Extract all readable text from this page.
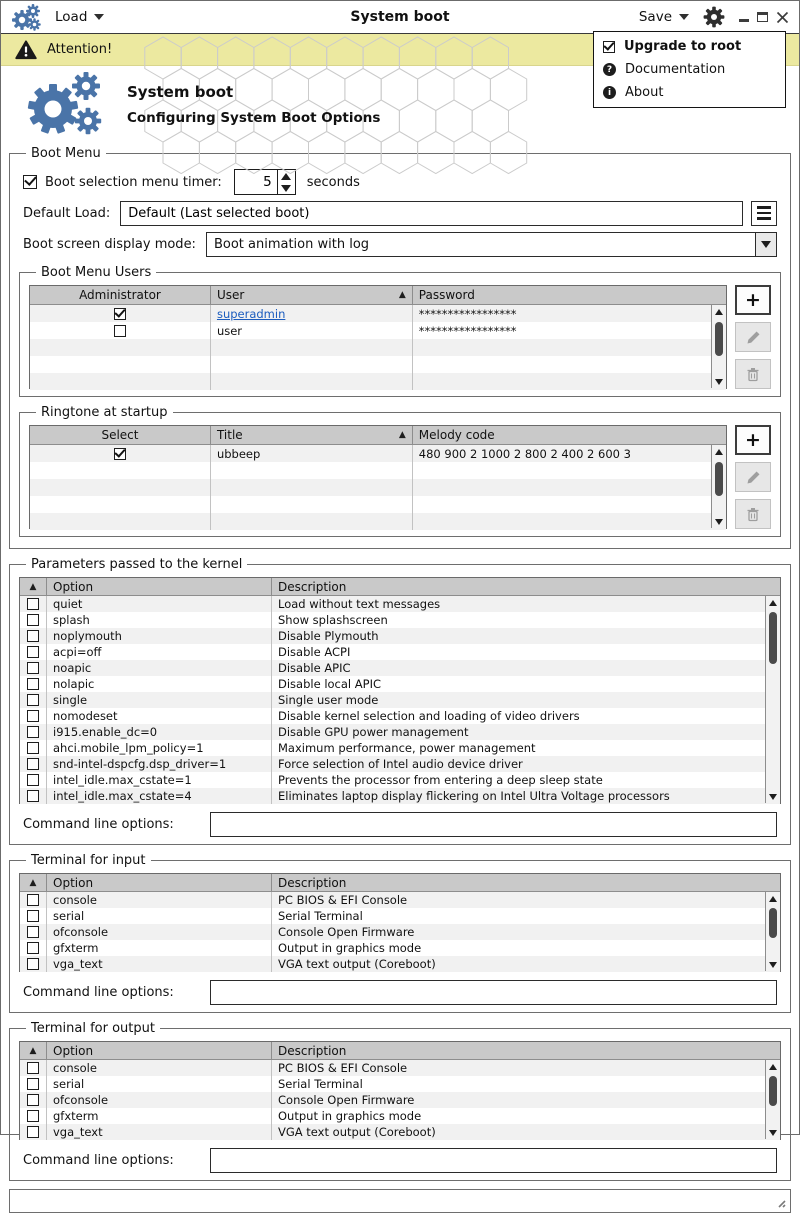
Load	System boot	Save
Attention!
System boot
Configuring System Boot Options
Upgrade to root
? Documentation
i	About
Boot Menu
Boot selection menu timer:
5	seconds
Default Load:
Default (Last selected boot)
Boot screen display mode:	Boot animation with log
Boot Menu Users
Administrator	User	▲ Password
superadmin	*****************
user	*****************
+
Ringtone at startup
Select	Title	▲ Melody code
ubbeep	480 900 2 1000 2 800 2 400 2 600 3
+
Parameters passed to the kernel
▲ Option	Description
quiet	Load without text messages
splash	Show splashscreen
noplymouth	Disable Plymouth
acpi=off	Disable ACPI
noapic	Disable APIC
nolapic	Disable local APIC
single	Single user mode
nomodeset	Disable kernel selection and loading of video drivers
i915.enable_dc=0	Disable GPU power management
ahci.mobile_lpm_policy=1	Maximum performance, power management
snd-intel-dspcfg.dsp_driver=1	Force selection of Intel audio device driver
intel_idle.max_cstate=1	Prevents the processor from entering a deep sleep state
intel_idle.max_cstate=4	Eliminates laptop display flickering on Intel Ultra Voltage processors
Command line options:
Terminal for input
▲ Option	Description
console	PC BIOS & EFI Console
serial	Serial Terminal
ofconsole	Console Open Firmware
gfxterm	Output in graphics mode
vga_text	VGA text output (Coreboot)
Command line options:
Terminal for output
▲ Option	Description
console	PC BIOS & EFI Console
serial	Serial Terminal
ofconsole	Console Open Firmware
gfxterm	Output in graphics mode
vga_text	VGA text output (Coreboot)
Command line options:
